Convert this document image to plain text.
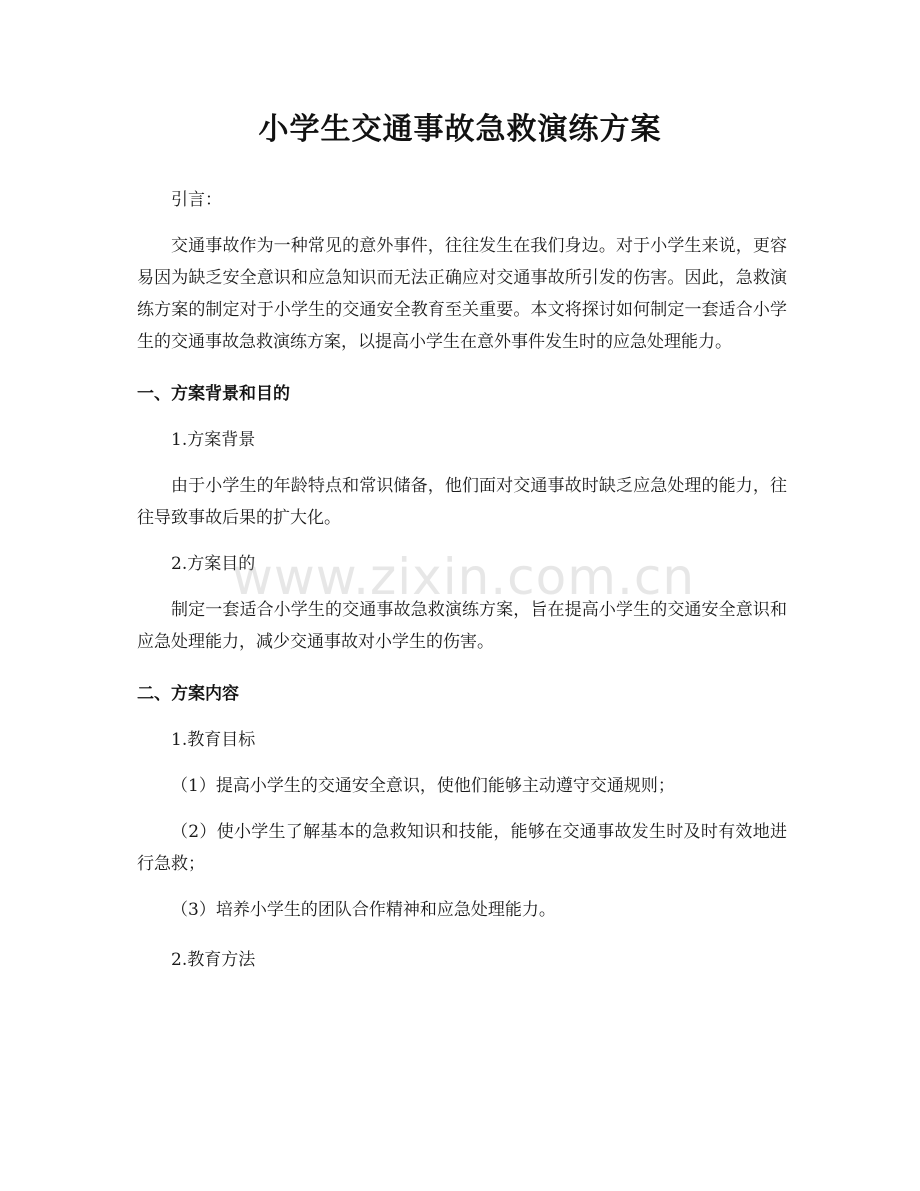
小学生交通事故急救演练方案

引言：

交通事故作为一种常见的意外事件，往往发生在我们身边。对于小学生来说，更容易因为缺乏安全意识和应急知识而无法正确应对交通事故所引发的伤害。因此，急救演练方案的制定对于小学生的交通安全教育至关重要。本文将探讨如何制定一套适合小学生的交通事故急救演练方案，以提高小学生在意外事件发生时的应急处理能力。

一、方案背景和目的

1.方案背景

由于小学生的年龄特点和常识储备，他们面对交通事故时缺乏应急处理的能力，往往导致事故后果的扩大化。

2.方案目的

制定一套适合小学生的交通事故急救演练方案，旨在提高小学生的交通安全意识和应急处理能力，减少交通事故对小学生的伤害。

二、方案内容

1.教育目标

（1）提高小学生的交通安全意识，使他们能够主动遵守交通规则；

（2）使小学生了解基本的急救知识和技能，能够在交通事故发生时及时有效地进行急救；

（3）培养小学生的团队合作精神和应急处理能力。

2.教育方法

www.zixin.com.cn
